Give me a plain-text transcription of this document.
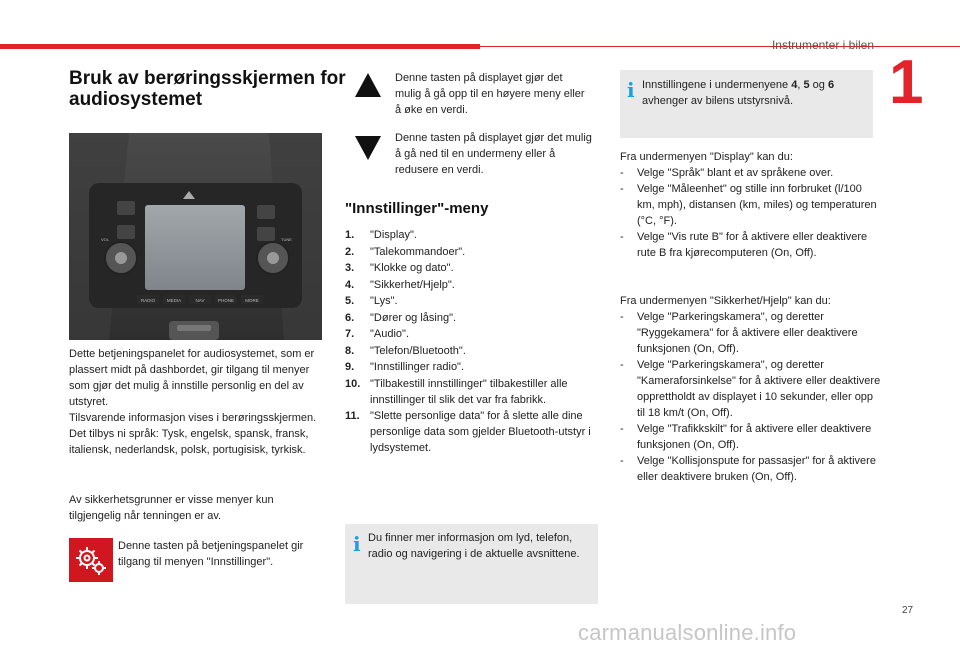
Instrumenter i bilen
1
Bruk av berøringsskjermen for audiosystemet
RADIO	MEDIA	NAV	PHONE MORE
VOL	TUNE
Dette betjeningspanelet for audiosystemet, som er plassert midt på dashbordet, gir tilgang til menyer som gjør det mulig å innstille personlig en del av utstyret.
Tilsvarende informasjon vises i berøringsskjermen.
Det tilbys ni språk: Tysk, engelsk, spansk, fransk, italiensk, nederlandsk, polsk, portugisisk, tyrkisk.
Av sikkerhetsgrunner er visse menyer kun tilgjengelig når tenningen er av.
Denne tasten på betjeningspanelet gir tilgang til menyen "Innstillinger".
Denne tasten på displayet gjør det mulig å gå opp til en høyere meny eller å øke en verdi.
Denne tasten på displayet gjør det mulig å gå ned til en undermeny eller å redusere en verdi.
"Innstillinger"-meny
1. "Display".
2. "Talekommandoer".
3. "Klokke og dato".
4. "Sikkerhet/Hjelp".
5. "Lys".
6. "Dører og låsing".
7. "Audio".
8. "Telefon/Bluetooth".
9. "Innstillinger radio".
10. "Tilbakestill innstillinger" tilbakestiller alle innstillinger til slik det var fra fabrikk.
11. "Slette personlige data" for å slette alle dine personlige data som gjelder Bluetooth-utstyr i lydsystemet.
i Du finner mer informasjon om lyd, telefon, radio og navigering i de aktuelle avsnittene.
i Innstillingene i undermenyene 4, 5 og 6 avhenger av bilens utstyrsnivå.
Fra undermenyen "Display" kan du:
- Velge "Språk" blant et av språkene over.
- Velge "Måleenhet" og stille inn forbruket (l/100 km, mph), distansen (km, miles) og temperaturen (°C, °F).
- Velge "Vis rute B" for å aktivere eller deaktivere rute B fra kjørecomputeren (On, Off).
Fra undermenyen "Sikkerhet/Hjelp" kan du:
- Velge "Parkeringskamera", og deretter "Ryggekamera" for å aktivere eller deaktivere funksjonen (On, Off).
- Velge "Parkeringskamera", og deretter "Kameraforsinkelse" for å aktivere eller deaktivere opprettholdt av displayet i 10 sekunder, eller opp til 18 km/t (On, Off).
- Velge "Trafikkskilt" for å aktivere eller deaktivere funksjonen (On, Off).
- Velge "Kollisjonspute for passasjer" for å aktivere eller deaktivere bruken (On, Off).
27
carmanualsonline.info
